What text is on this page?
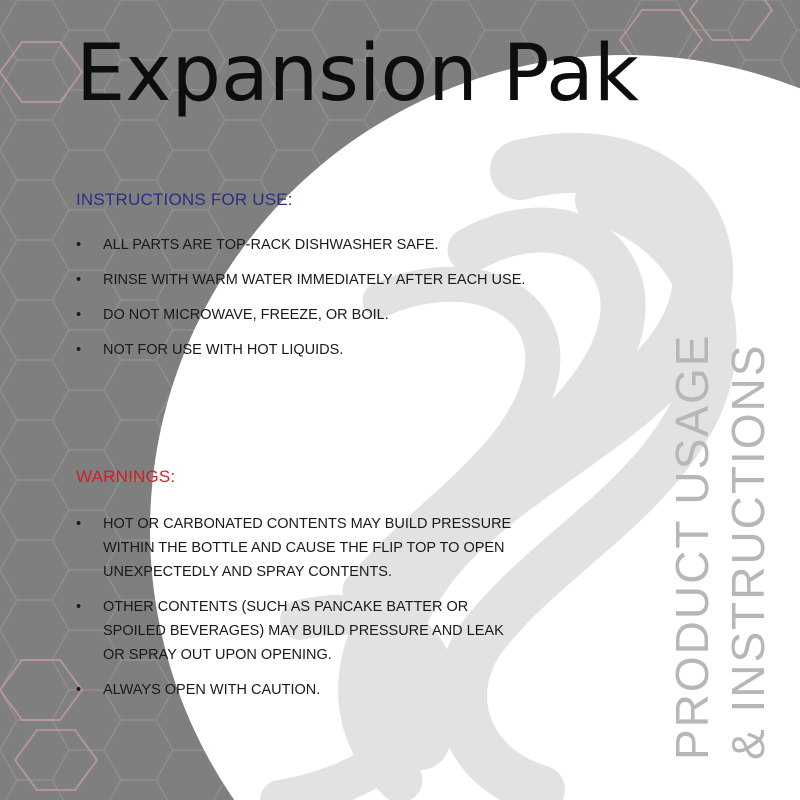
Expansion Pak
INSTRUCTIONS FOR USE:
•	ALL PARTS ARE TOP-RACK DISHWASHER SAFE.
•	RINSE WITH WARM WATER IMMEDIATELY AFTER EACH USE.
•	DO NOT MICROWAVE, FREEZE, OR BOIL.
•	NOT FOR USE WITH HOT LIQUIDS.
WARNINGS:
•	HOT OR CARBONATED CONTENTS MAY BUILD PRESSURE WITHIN THE BOTTLE AND CAUSE THE FLIP TOP TO OPEN UNEXPECTEDLY AND SPRAY CONTENTS.
•	OTHER CONTENTS (SUCH AS PANCAKE BATTER OR SPOILED BEVERAGES) MAY BUILD PRESSURE AND LEAK OR SPRAY OUT UPON OPENING.
•	ALWAYS OPEN WITH CAUTION.	PRODUCT USAGE & INSTRUCTIONS
